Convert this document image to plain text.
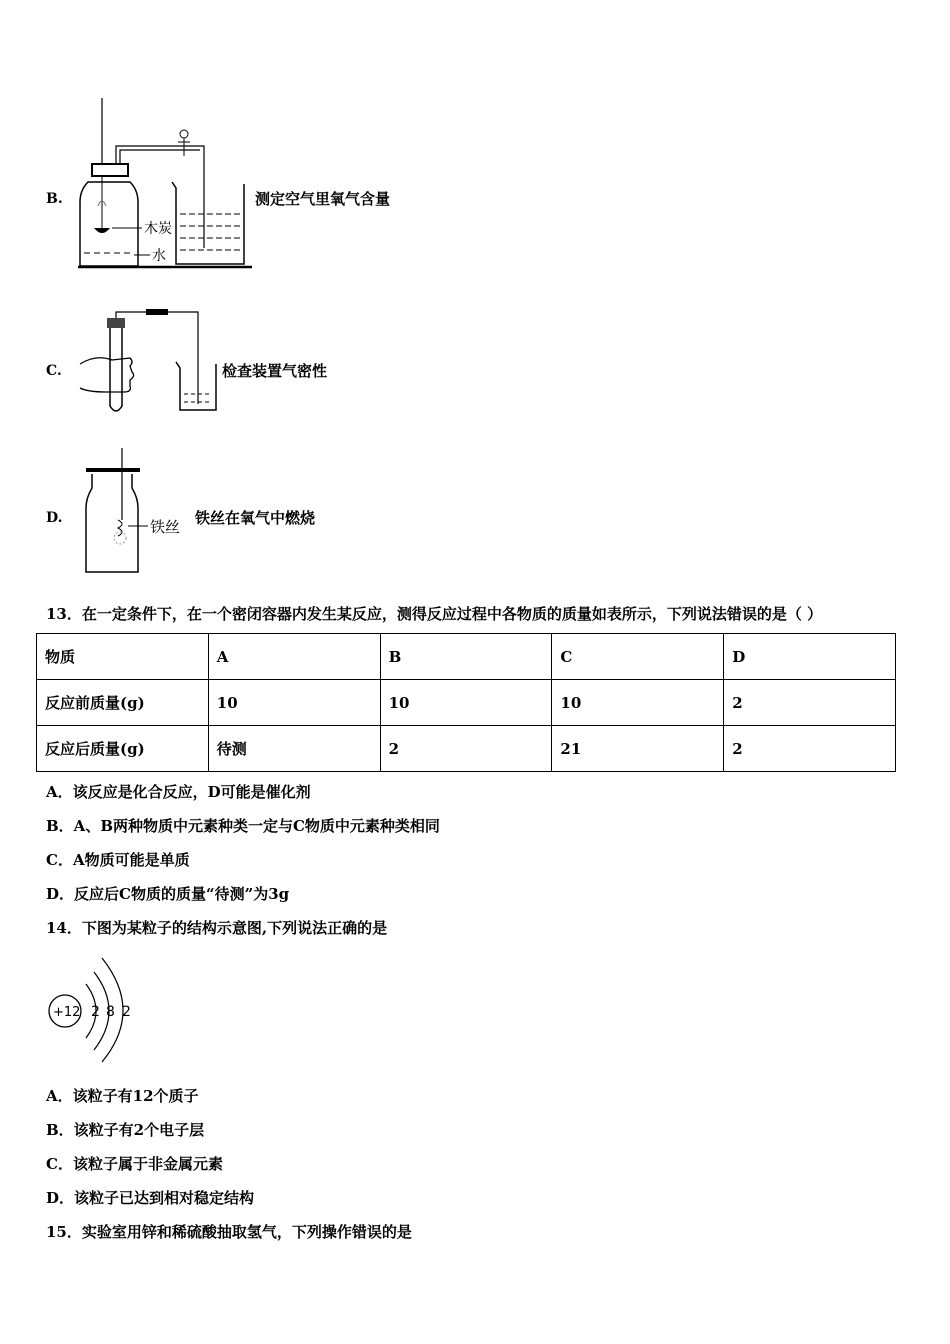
B.
木炭
水
测定空气里氧气含量
C.	检查装置气密性
D.	铁丝 铁丝在氧气中燃烧
13．在一定条件下，在一个密闭容器内发生某反应，测得反应过程中各物质的质量如表所示，下列说法错误的是（ ）
物质	A	B	C	D
反应前质量(g)	10	10	10	2
反应后质量(g)	待测	2	21	2
A．该反应是化合反应，D可能是催化剂
B．A、B两种物质中元素种类一定与C物质中元素种类相同
C．A物质可能是单质
D．反应后C物质的质量“待测”为3g
14．下图为某粒子的结构示意图,下列说法正确的是
+12 2 8 2
A．该粒子有12个质子
B．该粒子有2个电子层
C．该粒子属于非金属元素
D．该粒子已达到相对稳定结构
15．实验室用锌和稀硫酸抽取氢气，下列操作错误的是
